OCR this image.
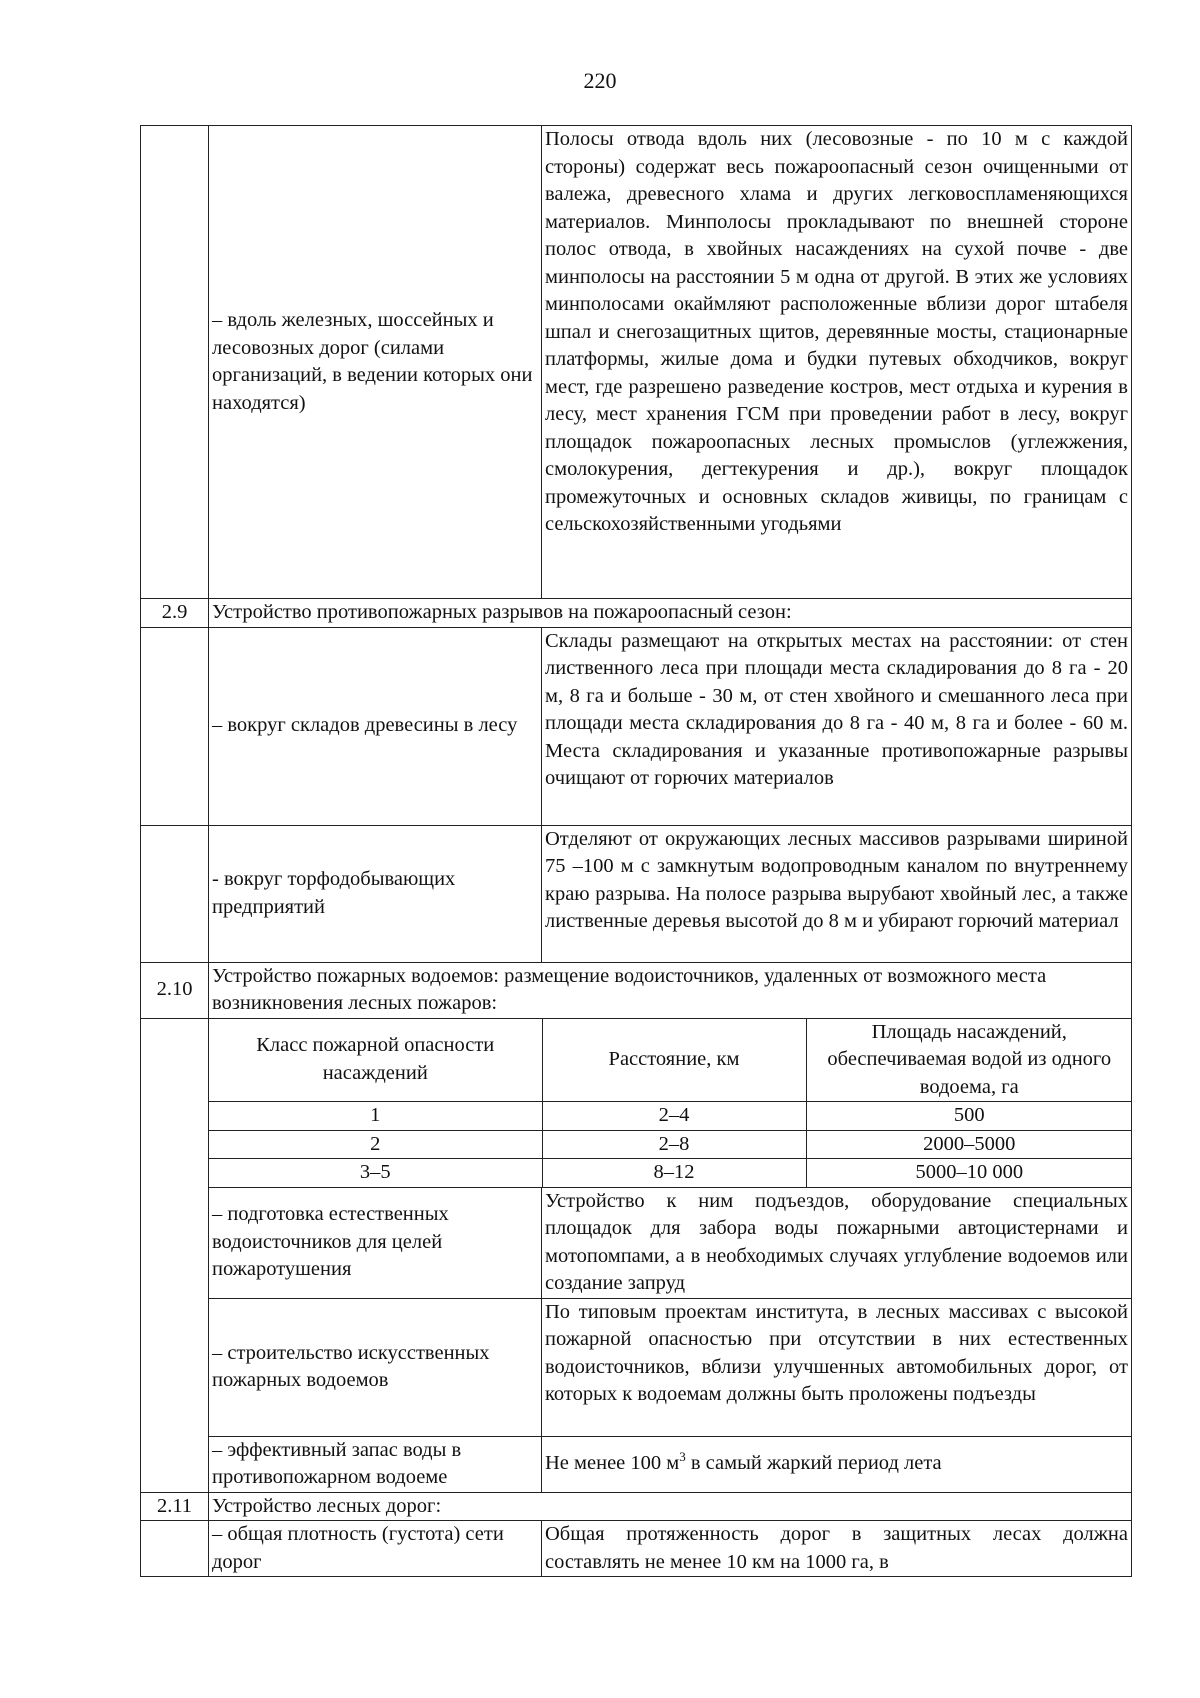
220
	– вдоль железных, шоссейных и лесовозных дорог (силами организаций, в ведении которых они находятся)	Полосы отвода вдоль них (лесовозные - по 10 м с каждой стороны) содержат весь пожароопасный сезон очищенными от валежа, древесного хлама и других легковоспламеняющихся материалов. Минполосы прокладывают по внешней стороне полос отвода, в хвойных насаждениях на сухой почве - две минполосы на расстоянии 5 м одна от другой. В этих же условиях минполосами окаймляют расположенные вблизи дорог штабеля шпал и снегозащитных щитов, деревянные мосты, стационарные платформы, жилые дома и будки путевых обходчиков, вокруг мест, где разрешено разведение костров, мест отдыха и курения в лесу, мест хранения ГСМ при проведении работ в лесу, вокруг площадок пожароопасных лесных промыслов (углежжения, смолокурения, дегтекурения и др.), вокруг площадок промежуточных и основных складов живицы, по границам с сельскохозяйственными угодьями
2.9	Устройство противопожарных разрывов на пожароопасный сезон:
	– вокруг складов древесины в лесу	Склады размещают на открытых местах на расстоянии: от стен лиственного леса при площади места складирования до 8 га - 20 м, 8 га и больше - 30 м, от стен хвойного и смешанного леса при площади места складирования до 8 га - 40 м, 8 га и более - 60 м. Места складирования и указанные противопожарные разрывы очищают от горючих материалов
	- вокруг торфодобывающих предприятий	Отделяют от окружающих лесных массивов разрывами шириной 75 –100 м с замкнутым водопроводным каналом по внутреннему краю разрыва. На полосе разрыва вырубают хвойный лес, а также лиственные деревья высотой до 8 м и убирают горючий материал
2.10	Устройство пожарных водоемов: размещение водоисточников, удаленных от возможного места возникновения лесных пожаров:

Класс пожарной опасности насаждений	Расстояние, км	Площадь насаждений, обеспечиваемая водой из одного водоема, га
1	2–4	500
2	2–8	2000–5000
3–5	8–12	5000–10 000

– подготовка естественных водоисточников для целей пожаротушения	Устройство к ним подъездов, оборудование специальных площадок для забора воды пожарными автоцистернами и мотопомпами, а в необходимых случаях углубление водоемов или создание запруд
– строительство искусственных пожарных водоемов	По типовым проектам института, в лесных массивах с высокой пожарной опасностью при отсутствии в них естественных водоисточников, вблизи улучшенных автомобильных дорог, от которых к водоемам должны быть проложены подъезды
– эффективный запас воды в противопожарном водоеме	Не менее 100 $м^3$ в самый жаркий период лета

2.11	Устройство лесных дорог:
	– общая плотность (густота) сети дорог	Общая протяженность дорог в защитных лесах должна составлять не менее 10 км на 1000 га, в
